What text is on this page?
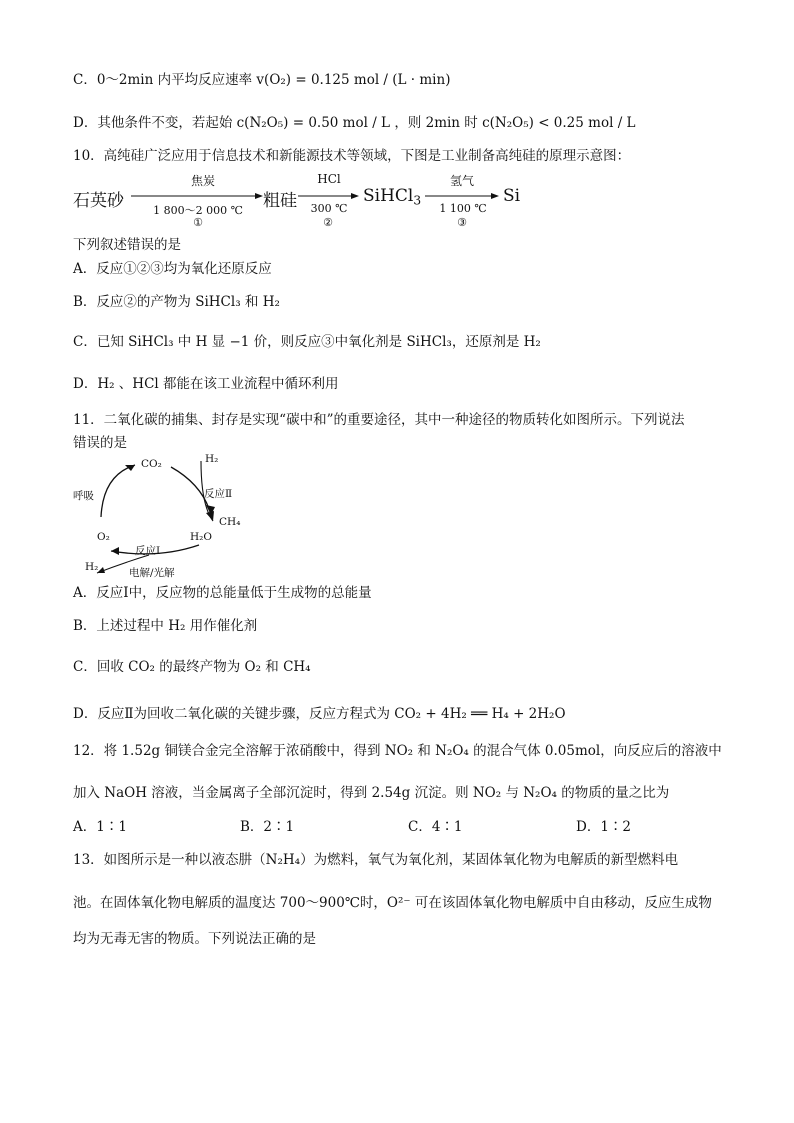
C．0～2min 内平均反应速率 v(O₂) = 0.125 mol / (L · min)
D．其他条件不变，若起始 c(N₂O₅) = 0.50 mol / L ，则 2min 时 c(N₂O₅) < 0.25 mol / L
10．高纯硅广泛应用于信息技术和新能源技术等领域，下图是工业制备高纯硅的原理示意图：
石英砂
焦炭
1 800～2 000 ℃
①
粗硅
HCl
300 ℃
②
SiHCl$_3$
氢气
1 100 ℃
③
Si
下列叙述错误的是
A．反应①②③均为氧化还原反应
B．反应②的产物为 SiHCl₃ 和 H₂
C．已知 SiHCl₃ 中 H 显 −1 价，则反应③中氧化剂是 SiHCl₃，还原剂是 H₂
D．H₂ 、HCl 都能在该工业流程中循环利用
11．二氧化碳的捕集、封存是实现“碳中和”的重要途径，其中一种途径的物质转化如图所示。下列说法
错误的是
CO₂	H₂
反应Ⅱ
CH₄
H₂O
呼吸
O₂
反应Ⅰ
H₂	电解/光解
A．反应Ⅰ中，反应物的总能量低于生成物的总能量
B．上述过程中 H₂ 用作催化剂
C．回收 CO₂ 的最终产物为 O₂ 和 CH₄
D．反应Ⅱ为回收二氧化碳的关键步骤，反应方程式为 CO₂ + 4H₂ ══ H₄ + 2H₂O
12．将 1.52g 铜镁合金完全溶解于浓硝酸中，得到 NO₂ 和 N₂O₄ 的混合气体 0.05mol，向反应后的溶液中
加入 NaOH 溶液，当金属离子全部沉淀时，得到 2.54g 沉淀。则 NO₂ 与 N₂O₄ 的物质的量之比为
A．1∶1	B．2∶1	C．4∶1	D．1∶2
13．如图所示是一种以液态肼（N₂H₄）为燃料，氧气为氧化剂，某固体氧化物为电解质的新型燃料电
池。在固体氧化物电解质的温度达 700～900℃时，O²⁻ 可在该固体氧化物电解质中自由移动，反应生成物
均为无毒无害的物质。下列说法正确的是
